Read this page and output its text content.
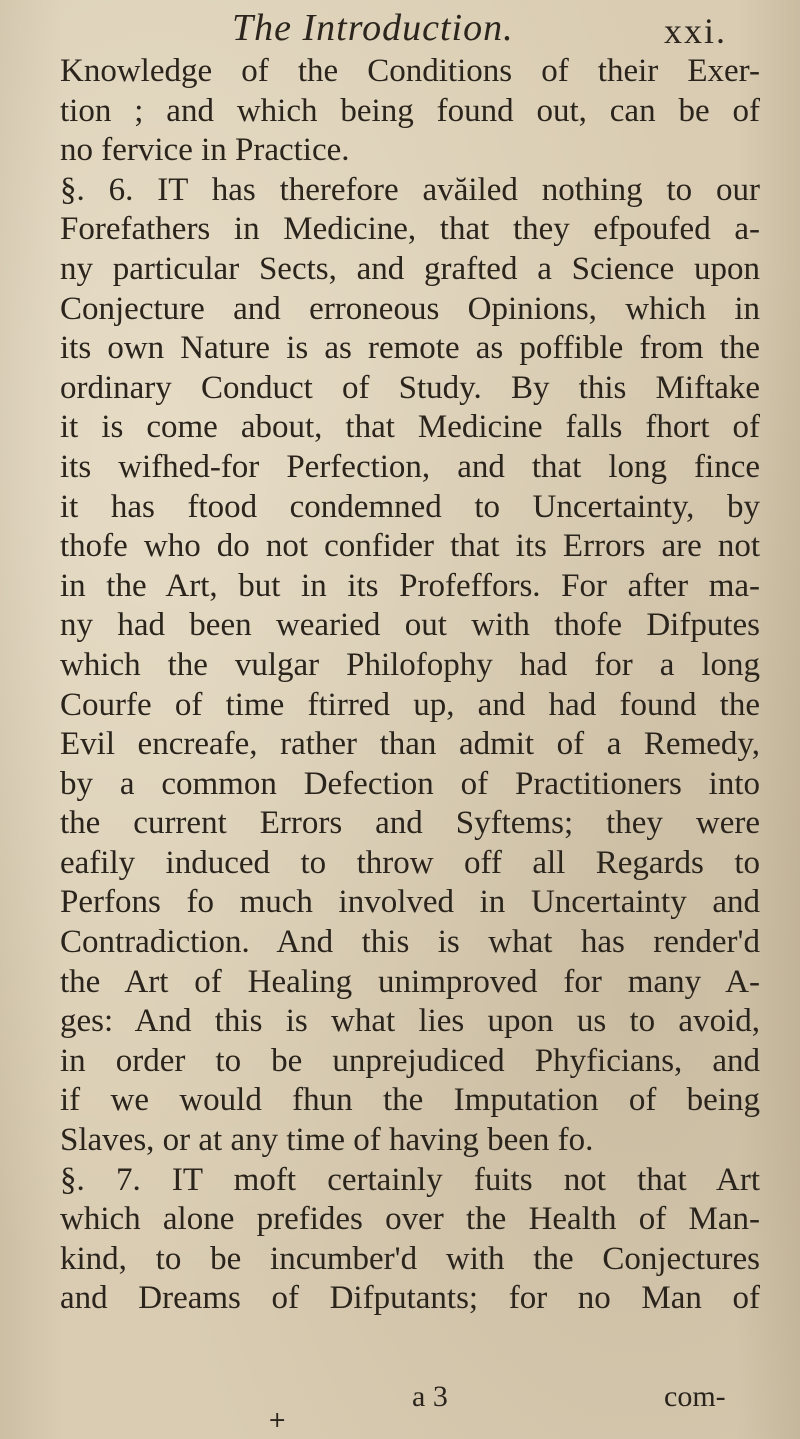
The Introduction.	xxi.
Knowledge of the Conditions of their Exer-
tion ; and which being found out, can be of
no fervice in Practice.
§. 6. IT has therefore avăiled nothing to our
Forefathers in Medicine, that they efpoufed a-
ny particular Sects, and grafted a Science upon
Conjecture and erroneous Opinions, which in
its own Nature is as remote as poffible from the
ordinary Conduct of Study. By this Miftake
it is come about, that Medicine falls fhort of
its wifhed-for Perfection, and that long fince
it has ftood condemned to Uncertainty, by
thofe who do not confider that its Errors are not
in the Art, but in its Profeffors. For after ma-
ny had been wearied out with thofe Difputes
which the vulgar Philofophy had for a long
Courfe of time ftirred up, and had found the
Evil encreafe, rather than admit of a Remedy,
by a common Defection of Practitioners into
the current Errors and Syftems; they were
eafily induced to throw off all Regards to
Perfons fo much involved in Uncertainty and
Contradiction. And this is what has render'd
the Art of Healing unimproved for many A-
ges: And this is what lies upon us to avoid,
in order to be unprejudiced Phyficians, and
if we would fhun the Imputation of being
Slaves, or at any time of having been fo.
§. 7. IT moft certainly fuits not that Art
which alone prefides over the Health of Man-
kind, to be incumber'd with the Conjectures
and Dreams of Difputants; for no Man of
a 3	com-
+
